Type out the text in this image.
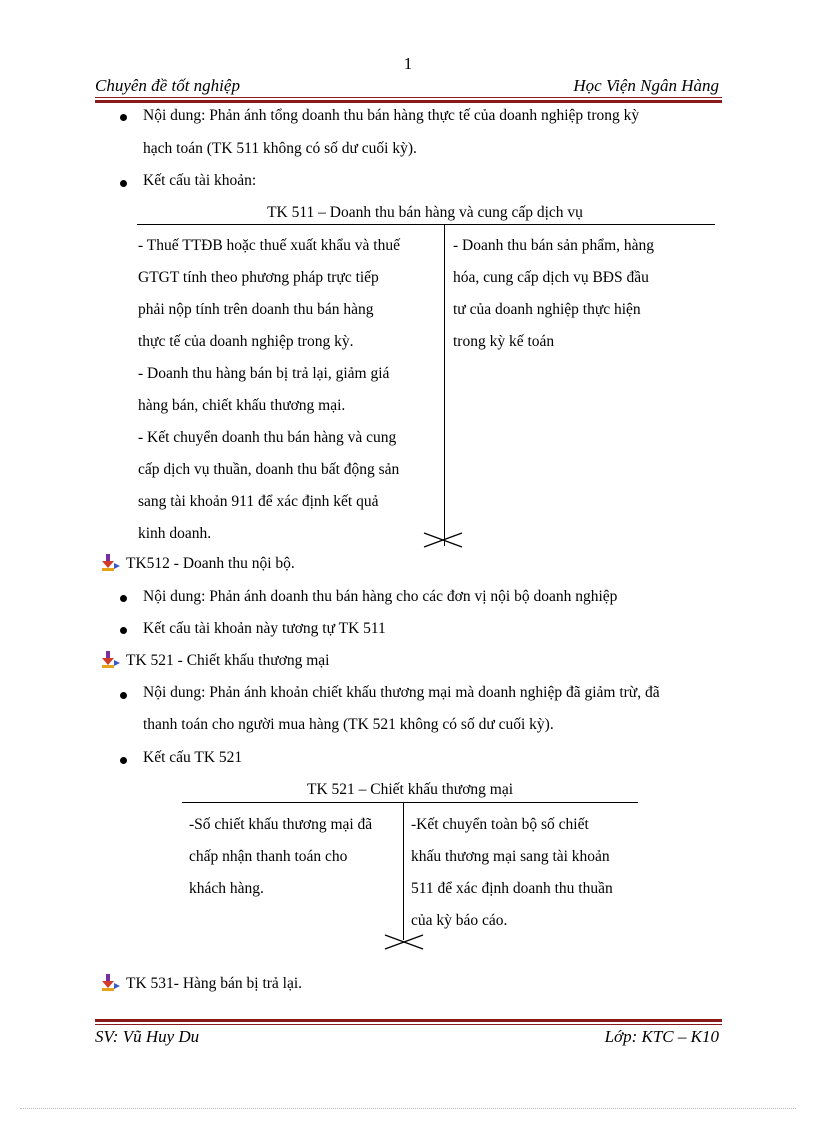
1
Chuyên đề tốt nghiệp	Học Viện Ngân Hàng
Nội dung: Phản ánh tổng doanh thu bán hàng thực tế của doanh nghiệp trong kỳ
hạch toán (TK 511 không có số dư cuối kỳ).
Kết cấu tài khoản:
TK 511 – Doanh thu bán hàng và cung cấp dịch vụ
- Thuế TTĐB hoặc thuế xuất khẩu và thuế
GTGT tính theo phương pháp trực tiếp
phải nộp tính trên doanh thu bán hàng
thực tế của doanh nghiệp trong kỳ.
- Doanh thu hàng bán bị trả lại, giảm giá
hàng bán, chiết khấu thương mại.
- Kết chuyển doanh thu bán hàng và cung
cấp dịch vụ thuần, doanh thu bất động sản
sang tài khoản 911 để xác định kết quả
kinh doanh.
- Doanh thu bán sản phẩm, hàng
hóa, cung cấp dịch vụ BĐS đầu
tư của doanh nghiệp thực hiện
trong kỳ kế toán
TK512 - Doanh thu nội bộ.
Nội dung: Phản ánh doanh thu bán hàng cho các đơn vị nội bộ doanh nghiệp
Kết cấu tài khoản này tương tự TK 511
TK 521 - Chiết khấu thương mại
Nội dung: Phản ánh khoản chiết khấu thương mại mà doanh nghiệp đã giảm trừ, đã
thanh toán cho người mua hàng (TK 521 không có số dư cuối kỳ).
Kết cấu TK 521
TK 521 – Chiết khấu thương mại
-Số chiết khấu thương mại đã
chấp nhận thanh toán cho
khách hàng.
-Kết chuyển toàn bộ số chiết
khấu thương mại sang tài khoản
511 để xác định doanh thu thuần
của kỳ báo cáo.
TK 531- Hàng bán bị trả lại.
SV: Vũ Huy Du	Lớp: KTC – K10
